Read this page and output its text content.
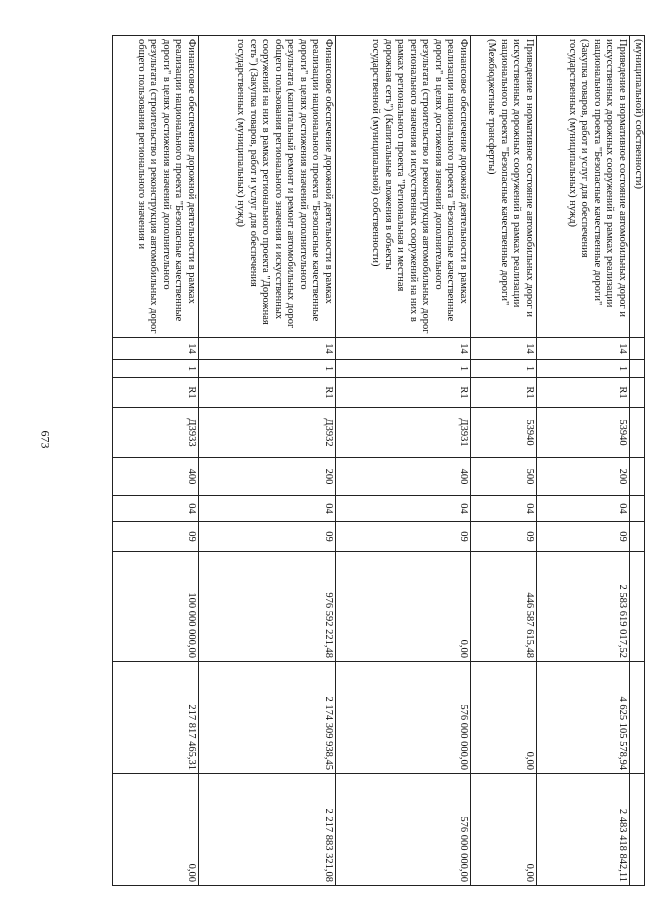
673
(муниципальной) собственности)										
Приведение в нормативное состояние автомобильных дорог и искусственных дорожных сооружений в рамках реализации национального проекта "Безопасные качественные дороги" (Закупка товаров, работ и услуг для обеспечения государственных (муниципальных) нужд)	14	1	R1	53940	200	04	09	2 583 619 017,52	4 625 105 578,94	2 483 418 842,11
Приведение в нормативное состояние автомобильных дорог и искусственных дорожных сооружений в рамках реализации национального проекта "Безопасные качественные дороги" (Межбюджетные трансферты)	14	1	R1	53940	500	04	09	446 587 615,48	0,00	0,00
Финансовое обеспечение дорожной деятельности в рамках реализации национального проекта "Безопасные качественные дороги" в целях достижения значений дополнительного результата (строительство и реконструкция автомобильных дорог регионального значения и искусственных сооружений на них в рамках регионального проекта "Региональная и местная дорожная сеть") (Капитальные вложения в объекты государственной (муниципальной) собственности)	14	1	R1	Д3931	400	04	09	0,00	576 000 000,00	576 000 000,00
Финансовое обеспечение дорожной деятельности в рамках реализации национального проекта "Безопасные качественные дороги" в целях достижения значений дополнительного результата (капитальный ремонт и ремонт автомобильных дорог общего пользования регионального значения и искусственных сооружений на них в рамках регионального проекта "Дорожная сеть") (Закупка товаров, работ и услуг для обеспечения государственных (муниципальных) нужд)	14	1	R1	Д3932	200	04	09	976 592 221,48	2 174 309 938,45	2 217 883 321,08
Финансовое обеспечение дорожной деятельности в рамках реализации национального проекта "Безопасные качественные дороги" в целях достижения значений дополнительного результата (строительство и реконструкция автомобильных дорог общего пользования регионального значения и	14	1	R1	Д3933	400	04	09	100 000 000,00	217 817 465,31	0,00
